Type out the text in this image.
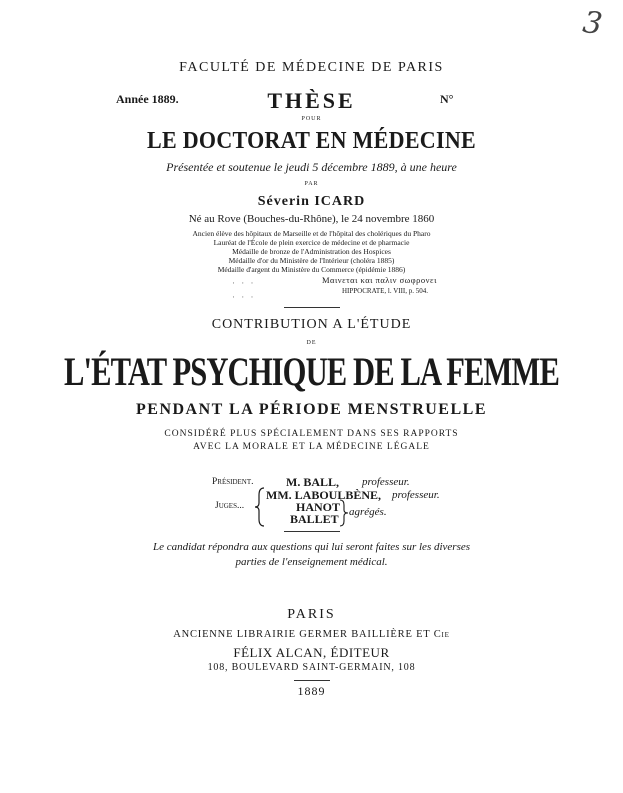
3
FACULTÉ DE MÉDECINE DE PARIS
Année 1889.	THÈSE	N°
POUR
LE DOCTORAT EN MÉDECINE
Présentée et soutenue le jeudi 5 décembre 1889, à une heure
PAR
Séverin ICARD
Né au Rove (Bouches-du-Rhône), le 24 novembre 1860
Ancien élève des hôpitaux de Marseille et de l'hôpital des cholériques du Pharo
Lauréat de l'École de plein exercice de médecine et de pharmacie
Médaille de bronze de l'Administration des Hospices
Médaille d'or du Ministère de l'Intérieur (choléra 1885)
Médaille d'argent du Ministère du Commerce (épidémie 1886)
Μαινεται και παλιν σωφρονει
HIPPOCRATE, l. VIII, p. 504.
· · ·
· · ·
CONTRIBUTION A L'ÉTUDE
DE
L'ÉTAT PSYCHIQUE DE LA FEMME
PENDANT LA PÉRIODE MENSTRUELLE
CONSIDÉRÉ PLUS SPÉCIALEMENT DANS SES RAPPORTS
AVEC LA MORALE ET LA MÉDECINE LÉGALE
Président.	M. BALL, professeur.
Juges...
MM. LABOULBÈNE, professeur.
HANOT
BALLET agrégés.
Le candidat répondra aux questions qui lui seront faites sur les diverses
parties de l'enseignement médical.
PARIS
ANCIENNE LIBRAIRIE GERMER BAILLIÈRE ET Cie
FÉLIX ALCAN, ÉDITEUR
108, BOULEVARD SAINT-GERMAIN, 108
1889
